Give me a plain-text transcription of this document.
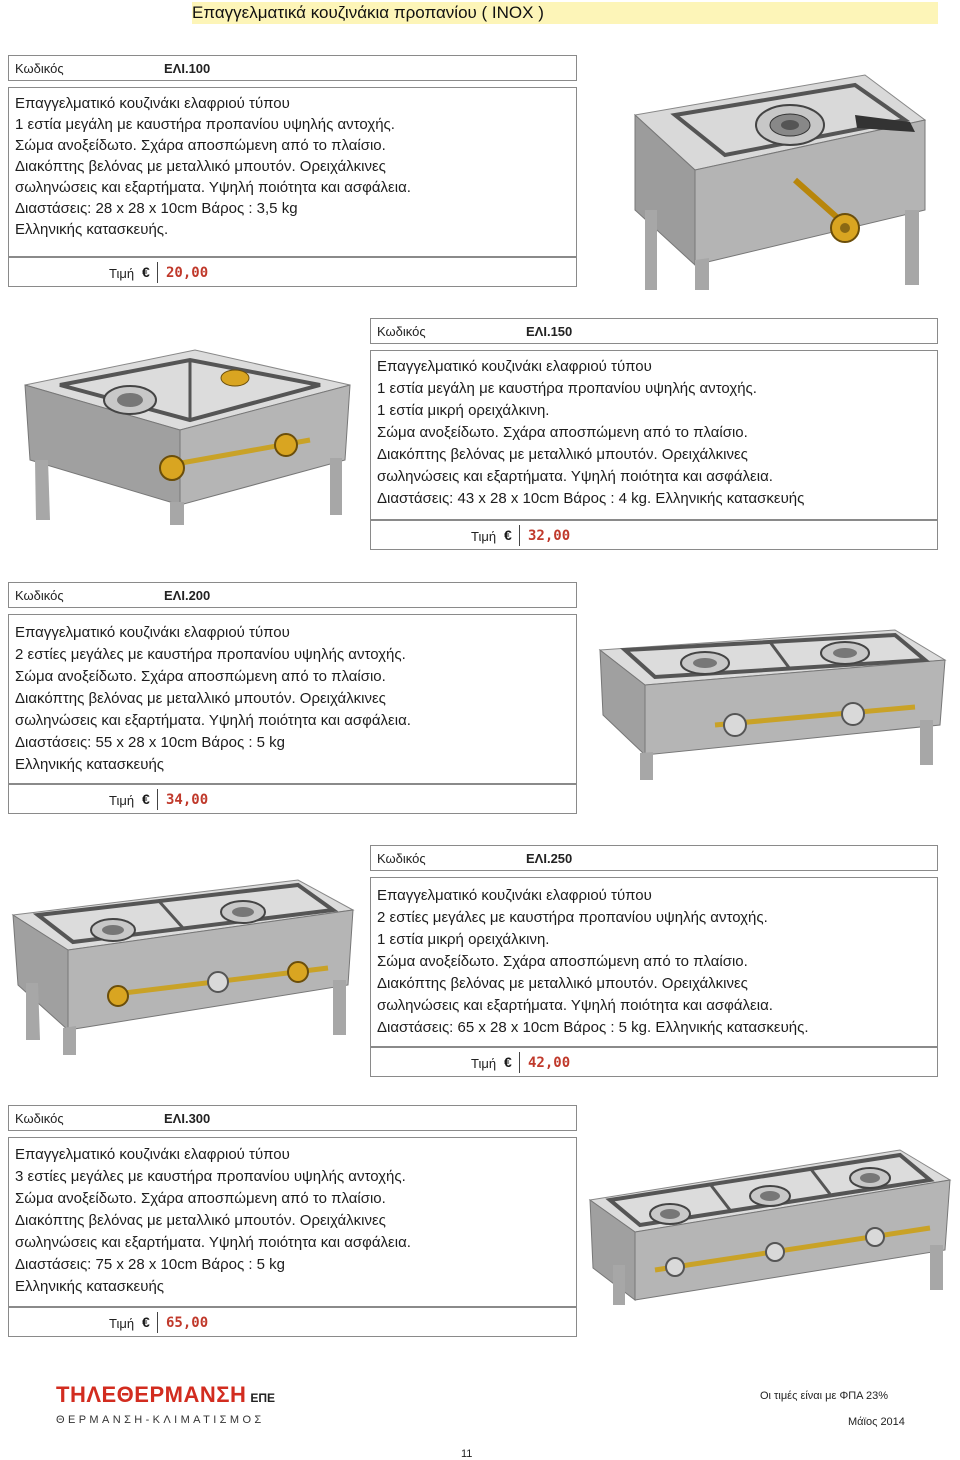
Επαγγελματικά κουζινάκια προπανίου ( INOX )
Κωδικός	ΕΛΙ.100
Επαγγελματικό κουζινάκι ελαφριού τύπου
1 εστία μεγάλη με καυστήρα προπανίου υψηλής αντοχής.
Σώμα ανοξείδωτο. Σχάρα αποσπώμενη από το πλαίσιο.
Διακόπτης βελόνας με μεταλλικό μπουτόν. Ορειχάλκινες
σωληνώσεις και εξαρτήματα. Υψηλή ποιότητα και ασφάλεια.
Διαστάσεις: 28 x 28 x 10cm Βάρος : 3,5 kg
Ελληνικής κατασκευής.
Τιμή € 20,00
Κωδικός	ΕΛΙ.150
Επαγγελματικό κουζινάκι ελαφριού τύπου
1 εστία μεγάλη με καυστήρα προπανίου υψηλής αντοχής.
1 εστία μικρή ορειχάλκινη.
Σώμα ανοξείδωτο. Σχάρα αποσπώμενη από το πλαίσιο.
Διακόπτης βελόνας με μεταλλικό μπουτόν. Ορειχάλκινες
σωληνώσεις και εξαρτήματα. Υψηλή ποιότητα και ασφάλεια.
Διαστάσεις: 43 x 28 x 10cm Βάρος : 4 kg. Ελληνικής κατασκευής
Τιμή € 32,00
Κωδικός	ΕΛΙ.200
Επαγγελματικό κουζινάκι ελαφριού τύπου
2 εστίες μεγάλες με καυστήρα προπανίου υψηλής αντοχής.
Σώμα ανοξείδωτο. Σχάρα αποσπώμενη από το πλαίσιο.
Διακόπτης βελόνας με μεταλλικό μπουτόν. Ορειχάλκινες
σωληνώσεις και εξαρτήματα. Υψηλή ποιότητα και ασφάλεια.
Διαστάσεις: 55 x 28 x 10cm Βάρος : 5 kg
Ελληνικής κατασκευής
Τιμή € 34,00
Κωδικός	ΕΛΙ.250
Επαγγελματικό κουζινάκι ελαφριού τύπου
2 εστίες μεγάλες με καυστήρα προπανίου υψηλής αντοχής.
1 εστία μικρή ορειχάλκινη.
Σώμα ανοξείδωτο. Σχάρα αποσπώμενη από το πλαίσιο.
Διακόπτης βελόνας με μεταλλικό μπουτόν. Ορειχάλκινες
σωληνώσεις και εξαρτήματα. Υψηλή ποιότητα και ασφάλεια.
Διαστάσεις: 65 x 28 x 10cm Βάρος : 5 kg. Ελληνικής κατασκευής.
Τιμή € 42,00
Κωδικός	ΕΛΙ.300
Επαγγελματικό κουζινάκι ελαφριού τύπου
3 εστίες μεγάλες με καυστήρα προπανίου υψηλής αντοχής.
Σώμα ανοξείδωτο. Σχάρα αποσπώμενη από το πλαίσιο.
Διακόπτης βελόνας με μεταλλικό μπουτόν. Ορειχάλκινες
σωληνώσεις και εξαρτήματα. Υψηλή ποιότητα και ασφάλεια.
Διαστάσεις: 75 x 28 x 10cm Βάρος : 5 kg
Ελληνικής κατασκευής
Τιμή € 65,00
ΤΗΛΕΘΕΡΜΑΝΣΗ ΕΠΕ
ΘΕΡΜΑΝΣΗ-ΚΛΙΜΑΤΙΣΜΟΣ
Οι τιμές είναι με ΦΠΑ 23%
Μάϊος 2014
11
